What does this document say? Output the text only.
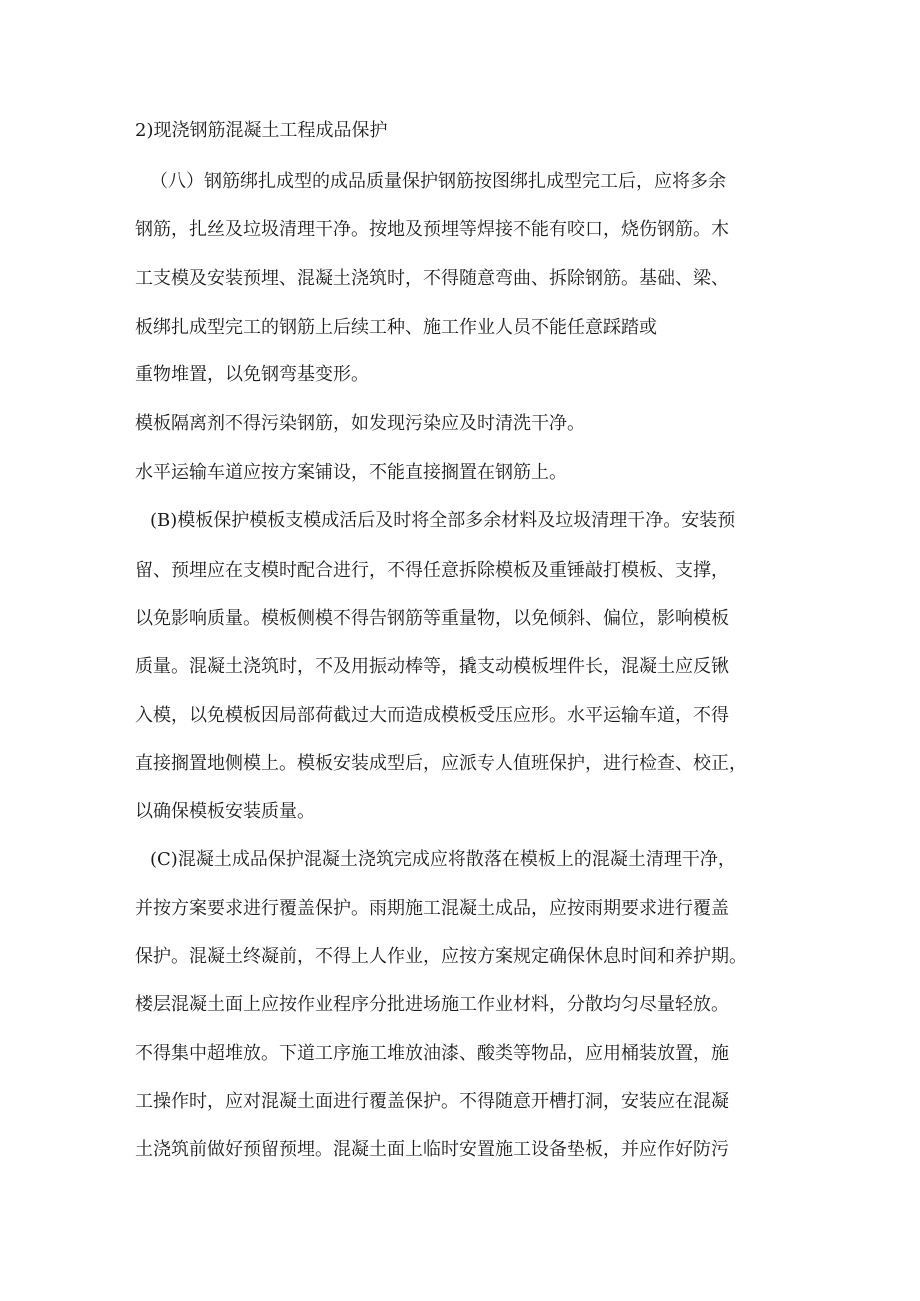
2)现浇钢筋混凝土工程成品保护
（八）钢筋绑扎成型的成品质量保护钢筋按图绑扎成型完工后，应将多余
钢筋，扎丝及垃圾清理干净。按地及预埋等焊接不能有咬口，烧伤钢筋。木
工支模及安装预埋、混凝土浇筑时，不得随意弯曲、拆除钢筋。基础、梁、
板绑扎成型完工的钢筋上后续工种、施工作业人员不能任意踩踏或
重物堆置，以免钢弯基变形。
模板隔离剂不得污染钢筋，如发现污染应及时清洗干净。
水平运输车道应按方案铺设，不能直接搁置在钢筋上。
(B)模板保护模板支模成活后及时将全部多余材料及垃圾清理干净。安装预
留、预埋应在支模时配合进行，不得任意拆除模板及重锤敲打模板、支撑，
以免影响质量。模板侧模不得告钢筋等重量物，以免倾斜、偏位，影响模板
质量。混凝土浇筑时，不及用振动棒等，撬支动模板埋件长，混凝土应反锹
入模，以免模板因局部荷截过大而造成模板受压应形。水平运输车道，不得
直接搁置地侧模上。模板安装成型后，应派专人值班保护，进行检查、校正，
以确保模板安装质量。
(C)混凝土成品保护混凝土浇筑完成应将散落在模板上的混凝土清理干净，
并按方案要求进行覆盖保护。雨期施工混凝土成品，应按雨期要求进行覆盖
保护。混凝土终凝前，不得上人作业，应按方案规定确保休息时间和养护期。
楼层混凝土面上应按作业程序分批进场施工作业材料，分散均匀尽量轻放。
不得集中超堆放。下道工序施工堆放油漆、酸类等物品，应用桶装放置，施
工操作时，应对混凝土面进行覆盖保护。不得随意开槽打洞，安装应在混凝
土浇筑前做好预留预埋。混凝土面上临时安置施工设备垫板，并应作好防污
